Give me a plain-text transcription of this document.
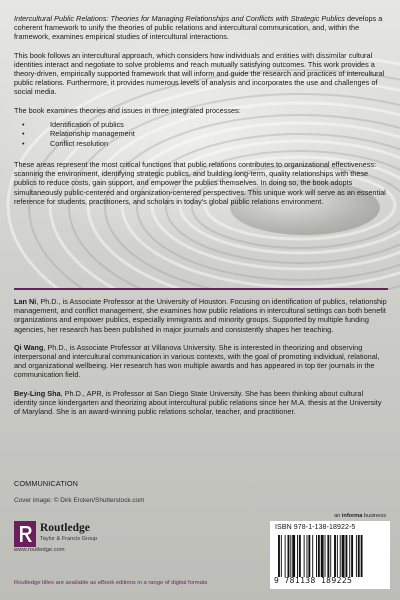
Intercultural Public Relations: Theories for Managing Relationships and Conflicts with Strategic Publics develops a coherent framework to unify the theories of public relations and intercultural communication, and, within the framework, examines empirical studies of intercultural interactions.

This book follows an intercultural approach, which considers how individuals and entities with dissimilar cultural identities interact and negotiate to solve problems and reach mutually satisfying outcomes. This work provides a theory-driven, empirically supported framework that will inform and guide the research and practices of intercultural public relations. Furthermore, it provides numerous levels of analysis and incorporates the use and challenges of social media.

The book examines theories and issues in three integrated processes:

• Identification of publics
• Relationship management
• Conflict resolution

These areas represent the most critical functions that public relations contributes to organizational effectiveness: scanning the environment, identifying strategic publics, and building long-term, quality relationships with these publics to reduce costs, gain support, and empower the publics themselves. In doing so, the book adopts simultaneously public-centered and organization-centered perspectives. This unique work will serve as an essential reference for students, practitioners, and scholars in today’s global public relations environment.

Lan Ni, Ph.D., is Associate Professor at the University of Houston. Focusing on identification of publics, relationship management, and conflict management, she examines how public relations in intercultural settings can both benefit organizations and empower publics, especially immigrants and minority groups. Supported by multiple funding agencies, her research has been published in major journals and consistently shapes her teaching.

Qi Wang, Ph.D., is Associate Professor at Villanova University. She is interested in theorizing and observing interpersonal and intercultural communication in various contexts, with the goal of promoting individual, relational, and organizational wellbeing. Her research has won multiple awards and has appeared in top tier journals in the communication field.

Bey-Ling Sha, Ph.D., APR, is Professor at San Diego State University. She has been thinking about cultural identity since kindergarten and theorizing about intercultural public relations since her M.A. thesis at the University of Maryland. She is an award-winning public relations scholar, teacher, and practitioner.

COMMUNICATION
Cover image: © Dirk Ercken/Shutterstock.com
an informa business
Routledge
Taylor & Francis Group
www.routledge.com
Routledge titles are available as eBook editions in a range of digital formats
ISBN 978-1-138-18922-5
9 781138 189225
